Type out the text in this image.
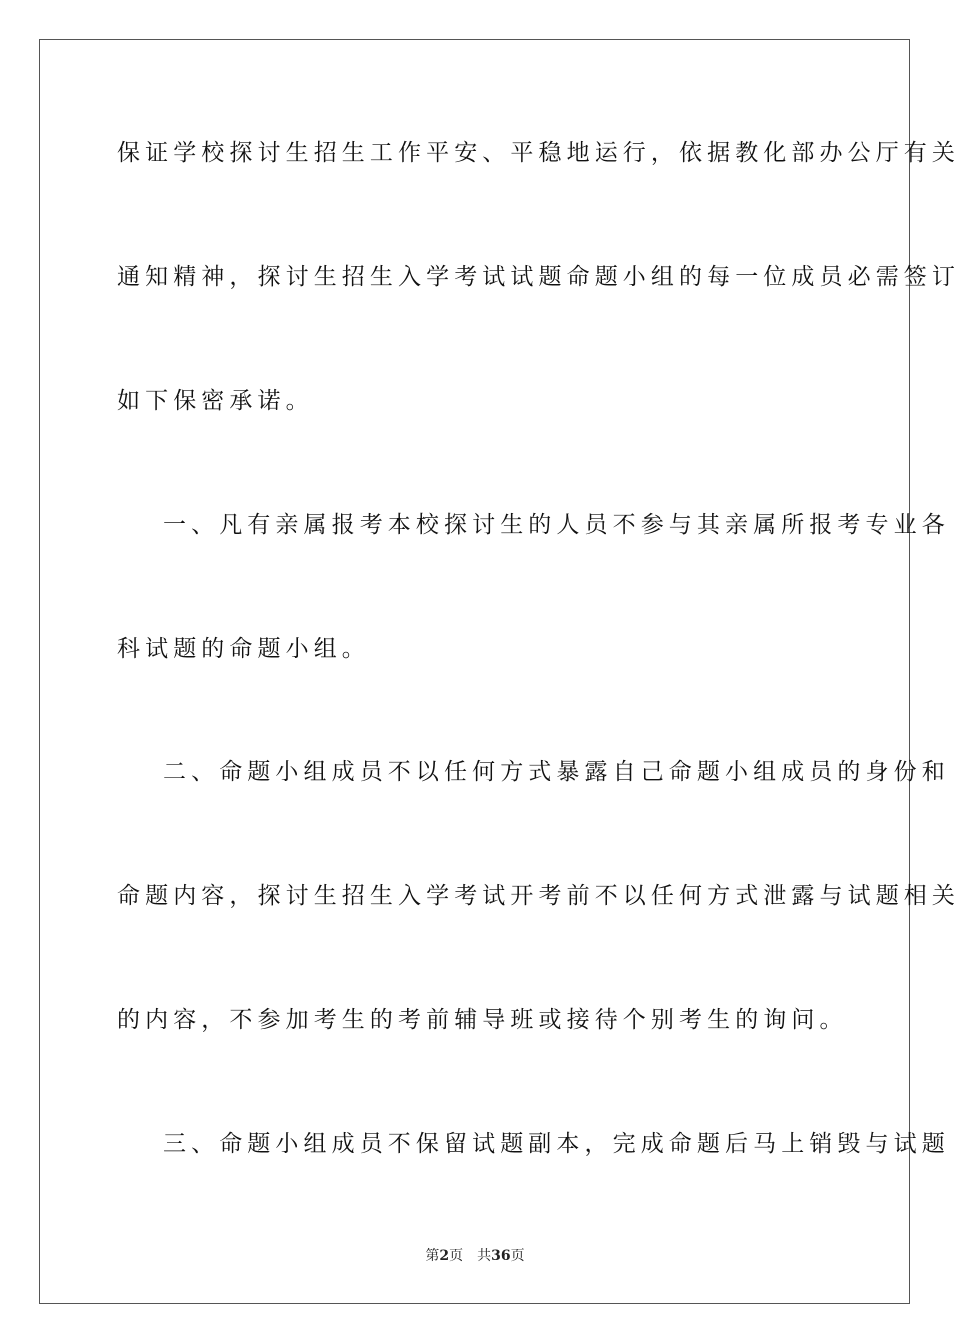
保证学校探讨生招生工作平安、平稳地运行，依据教化部办公厅有关
通知精神，探讨生招生入学考试试题命题小组的每一位成员必需签订
如下保密承诺。
一、凡有亲属报考本校探讨生的人员不参与其亲属所报考专业各
科试题的命题小组。
二、命题小组成员不以任何方式暴露自己命题小组成员的身份和
命题内容，探讨生招生入学考试开考前不以任何方式泄露与试题相关
的内容，不参加考生的考前辅导班或接待个别考生的询问。
三、命题小组成员不保留试题副本，完成命题后马上销毁与试题
第2页 共36页
